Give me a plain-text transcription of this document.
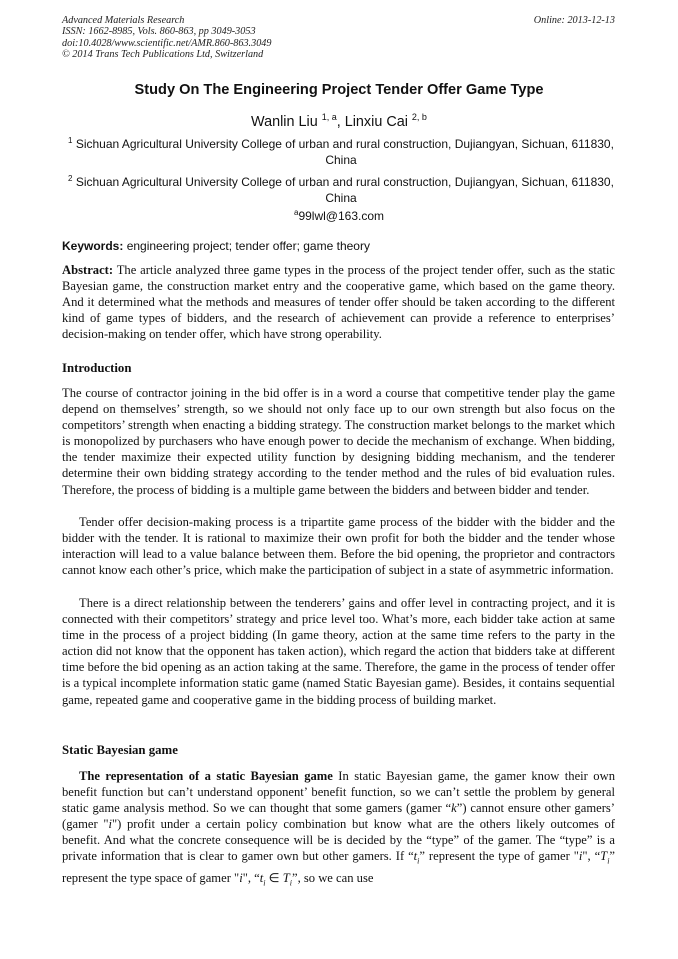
Advanced Materials Research
ISSN: 1662-8985, Vols. 860-863, pp 3049-3053
doi:10.4028/www.scientific.net/AMR.860-863.3049
© 2014 Trans Tech Publications Ltd, Switzerland
Online: 2013-12-13
Study On The Engineering Project Tender Offer Game Type
Wanlin Liu $^{1, a}$, Linxiu Cai $^{2, b}$
$^1$ Sichuan Agricultural University College of urban and rural construction, Dujiangyan, Sichuan, 611830, China
$^2$ Sichuan Agricultural University College of urban and rural construction, Dujiangyan, Sichuan, 611830, China
$^a$99lwl@163.com
Keywords: engineering project; tender offer; game theory
Abstract: The article analyzed three game types in the process of the project tender offer, such as the static Bayesian game, the construction market entry and the cooperative game, which based on the game theory. And it determined what the methods and measures of tender offer should be taken according to the different kind of game types of bidders, and the research of achievement can provide a reference to enterprises’ decision-making on tender offer, which have strong operability.
Introduction
The course of contractor joining in the bid offer is in a word a course that competitive tender play the game depend on themselves’ strength, so we should not only face up to our own strength but also focus on the competitors’ strength when enacting a bidding strategy. The construction market belongs to the market which is monopolized by purchasers who have enough power to decide the mechanism of exchange. When bidding, the tender maximize their expected utility function by designing bidding mechanism, and the tenderer determine their own bidding strategy according to the tender method and the rules of bid evaluation rules. Therefore, the process of bidding is a multiple game between the bidders and between bidder and tender.
Tender offer decision-making process is a tripartite game process of the bidder with the bidder and the bidder with the tender. It is rational to maximize their own profit for both the bidder and the tender whose interaction will lead to a value balance between them. Before the bid opening, the proprietor and contractors cannot know each other’s price, which make the participation of subject in a state of asymmetric information.
There is a direct relationship between the tenderers’ gains and offer level in contracting project, and it is connected with their competitors’ strategy and price level too. What’s more, each bidder take action at same time in the process of a project bidding (In game theory, action at the same time refers to the party in the action did not know that the opponent has taken action), which regard the action that bidders take at different time before the bid opening as an action taking at the same. Therefore, the game in the process of tender offer is a typical incomplete information static game (named Static Bayesian game). Besides, it contains sequential game, repeated game and cooperative game in the bidding process of building market.
Static Bayesian game
The representation of a static Bayesian game In static Bayesian game, the gamer know their own benefit function but can’t understand opponent’ benefit function, so we can’t settle the problem by general static game analysis method. So we can thought that some gamers (gamer “k”) cannot ensure other gamers’ (gamer "i") profit under a certain policy combination but know what are the others likely outcomes of benefit. And what the concrete consequence will be is decided by the “type” of the gamer. The “type” is a private information that is clear to gamer own but other gamers. If “$t_i$” represent the type of gamer "i", “$T_i$” represent the type space of gamer "i", “$t_i$ ∈ $T_i$”, so we can use
